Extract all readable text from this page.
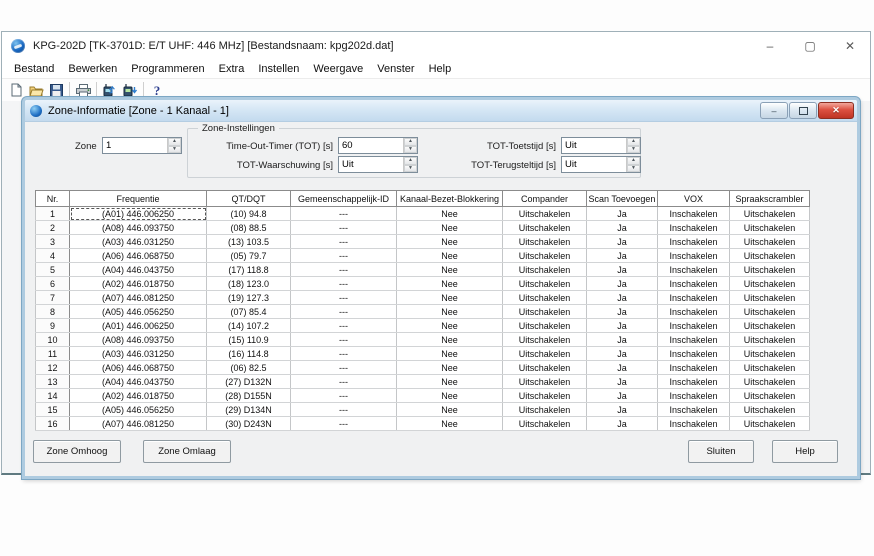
KPG-202D [TK-3701D: E/T UHF: 446 MHz] [Bestandsnaam: kpg202d.dat]	–	▢	✕
Bestand	Bewerken	Programmeren	Extra	Instellen	Weergave	Venster	Help
?
Zone-Informatie [Zone - 1 Kanaal - 1]	–	✕
Zone
1	▲
▼
Zone-Instellingen
Time-Out-Timer (TOT) [s]
60	▲
▼
TOT-Waarschuwing [s]
Uit	▲
▼
TOT-Toetstijd [s]
Uit	▲
▼
TOT-Terugsteltijd [s]
Uit	▲
▼
Nr.	Frequentie	QT/DQT	Gemeenschappelijk-ID	Kanaal-Bezet-Blokkering	Compander	Scan Toevoegen	VOX	Spraakscrambler
1	(A01) 446.006250	(10) 94.8	---	Nee	Uitschakelen	Ja	Inschakelen	Uitschakelen
2	(A08) 446.093750	(08) 88.5	---	Nee	Uitschakelen	Ja	Inschakelen	Uitschakelen
3	(A03) 446.031250	(13) 103.5	---	Nee	Uitschakelen	Ja	Inschakelen	Uitschakelen
4	(A06) 446.068750	(05) 79.7	---	Nee	Uitschakelen	Ja	Inschakelen	Uitschakelen
5	(A04) 446.043750	(17) 118.8	---	Nee	Uitschakelen	Ja	Inschakelen	Uitschakelen
6	(A02) 446.018750	(18) 123.0	---	Nee	Uitschakelen	Ja	Inschakelen	Uitschakelen
7	(A07) 446.081250	(19) 127.3	---	Nee	Uitschakelen	Ja	Inschakelen	Uitschakelen
8	(A05) 446.056250	(07) 85.4	---	Nee	Uitschakelen	Ja	Inschakelen	Uitschakelen
9	(A01) 446.006250	(14) 107.2	---	Nee	Uitschakelen	Ja	Inschakelen	Uitschakelen
10	(A08) 446.093750	(15) 110.9	---	Nee	Uitschakelen	Ja	Inschakelen	Uitschakelen
11	(A03) 446.031250	(16) 114.8	---	Nee	Uitschakelen	Ja	Inschakelen	Uitschakelen
12	(A06) 446.068750	(06) 82.5	---	Nee	Uitschakelen	Ja	Inschakelen	Uitschakelen
13	(A04) 446.043750	(27) D132N	---	Nee	Uitschakelen	Ja	Inschakelen	Uitschakelen
14	(A02) 446.018750	(28) D155N	---	Nee	Uitschakelen	Ja	Inschakelen	Uitschakelen
15	(A05) 446.056250	(29) D134N	---	Nee	Uitschakelen	Ja	Inschakelen	Uitschakelen
16	(A07) 446.081250	(30) D243N	---	Nee	Uitschakelen	Ja	Inschakelen	Uitschakelen
Zone Omhoog	Zone Omlaag	Sluiten	Help
